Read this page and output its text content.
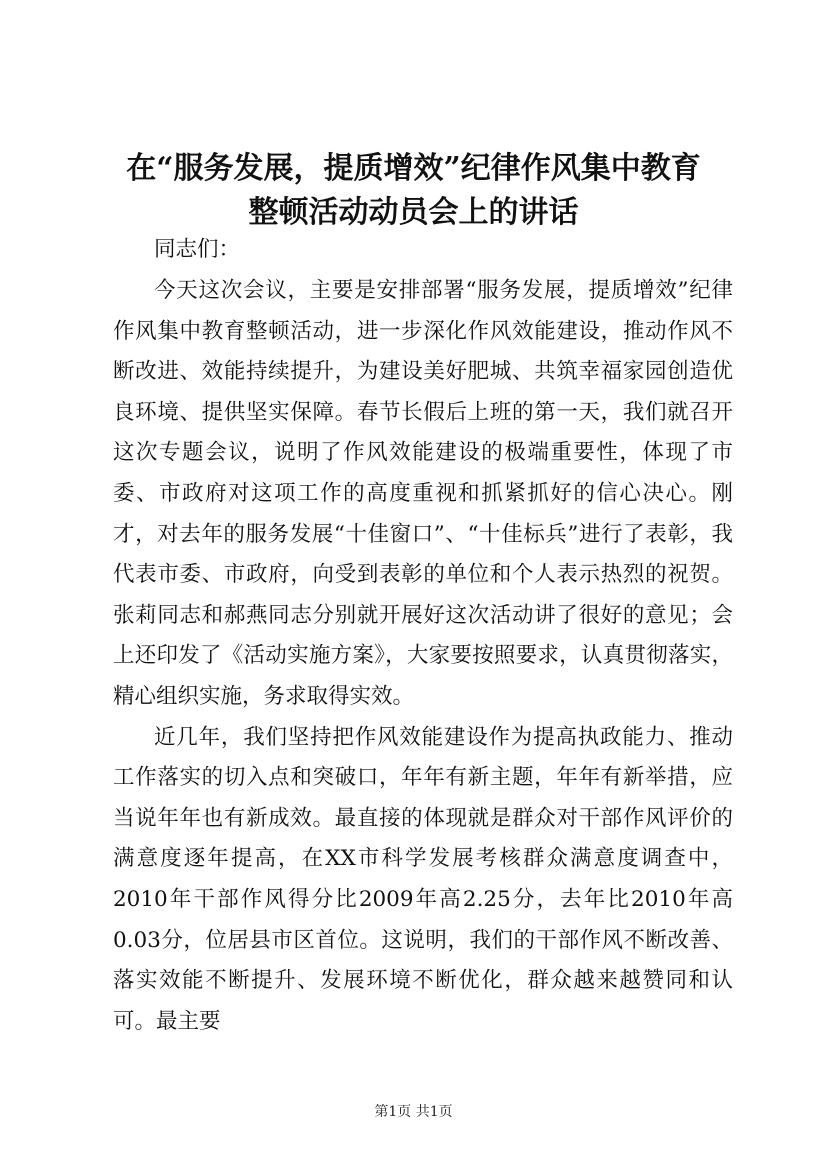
在“服务发展，提质增效”纪律作风集中教育
整顿活动动员会上的讲话
同志们：

今天这次会议，主要是安排部署“服务发展，提质增效”纪律作风集中教育整顿活动，进一步深化作风效能建设，推动作风不断改进、效能持续提升，为建设美好肥城、共筑幸福家园创造优良环境、提供坚实保障。春节长假后上班的第一天，我们就召开这次专题会议，说明了作风效能建设的极端重要性，体现了市委、市政府对这项工作的高度重视和抓紧抓好的信心决心。刚才，对去年的服务发展“十佳窗口”、“十佳标兵”进行了表彰，我代表市委、市政府，向受到表彰的单位和个人表示热烈的祝贺。张莉同志和郝燕同志分别就开展好这次活动讲了很好的意见；会上还印发了《活动实施方案》，大家要按照要求，认真贯彻落实，精心组织实施，务求取得实效。

近几年，我们坚持把作风效能建设作为提高执政能力、推动工作落实的切入点和突破口，年年有新主题，年年有新举措，应当说年年也有新成效。最直接的体现就是群众对干部作风评价的满意度逐年提高，在XX市科学发展考核群众满意度调查中，2010年干部作风得分比2009年高2.25分，去年比2010年高0.03分，位居县市区首位。这说明，我们的干部作风不断改善、落实效能不断提升、发展环境不断优化，群众越来越赞同和认可。最主要

第1页 共1页
